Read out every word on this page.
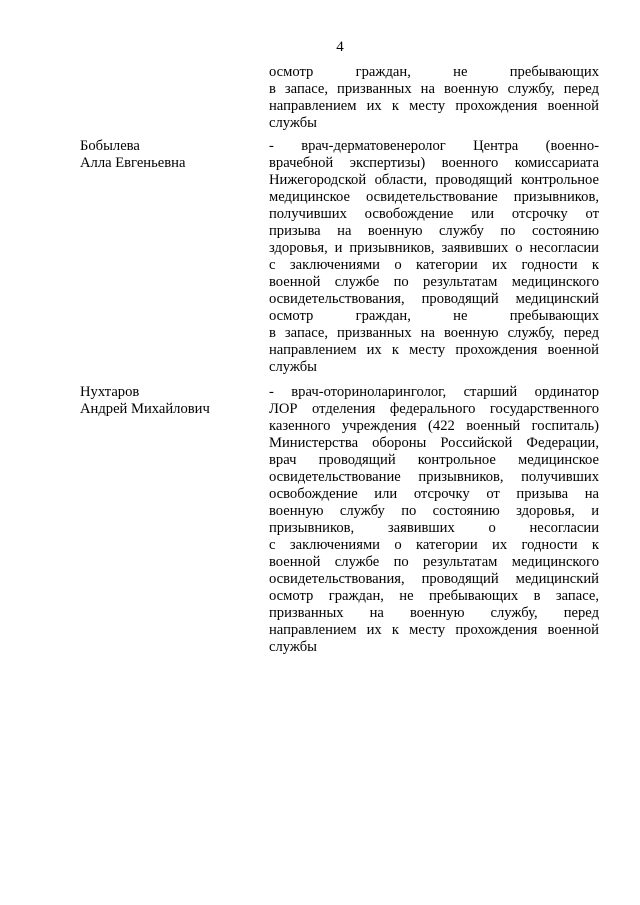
4
осмотр граждан, не пребывающих
в запасе, призванных на военную службу, перед
направлением их к месту прохождения военной
службы
Бобылева
Алла Евгеньевна
- врач-дерматовенеролог Центра (военно-
врачебной экспертизы) военного комиссариата
Нижегородской области, проводящий контрольное
медицинское освидетельствование призывников,
получивших освобождение или отсрочку от
призыва на военную службу по состоянию
здоровья, и призывников, заявивших о несогласии
с заключениями о категории их годности к
военной службе по результатам медицинского
освидетельствования, проводящий медицинский
осмотр граждан, не пребывающих
в запасе, призванных на военную службу, перед
направлением их к месту прохождения военной
службы
Нухтаров
Андрей Михайлович
- врач-оториноларинголог, старший ординатор
ЛОР отделения федерального государственного
казенного учреждения (422 военный госпиталь)
Министерства обороны Российской Федерации,
врач проводящий контрольное медицинское
освидетельствование призывников, получивших
освобождение или отсрочку от призыва на
военную службу по состоянию здоровья, и
призывников, заявивших о несогласии
с заключениями о категории их годности к
военной службе по результатам медицинского
освидетельствования, проводящий медицинский
осмотр граждан, не пребывающих в запасе,
призванных на военную службу, перед
направлением их к месту прохождения военной
службы
